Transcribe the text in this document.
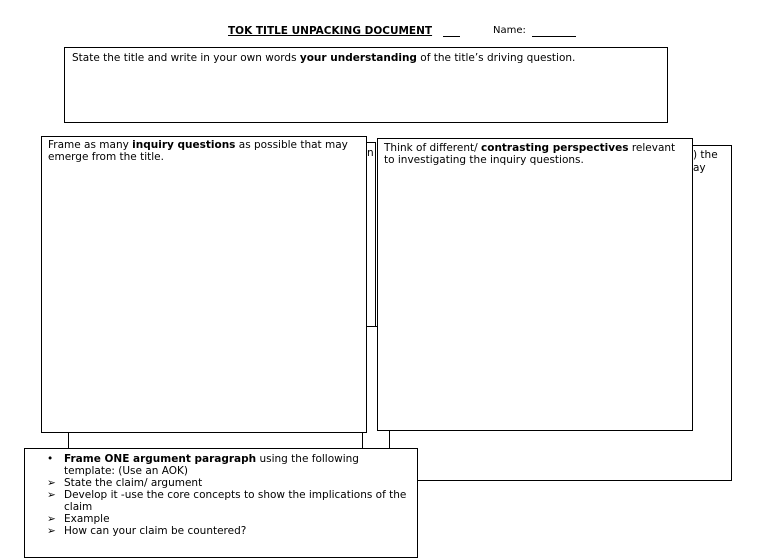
TOK TITLE UNPACKING DOCUMENT	Name:

State the title and write in your own words your understanding of the title’s driving question.

n	) the
ay

Frame as many inquiry questions as possible that may emerge from the title.

Think of different/ contrasting perspectives relevant to investigating the inquiry questions.

• Frame ONE argument paragraph using the following template: (Use an AOK)
➢ State the claim/ argument
➢ Develop it -use the core concepts to show the implications of the claim
➢ Example
➢ How can your claim be countered?
